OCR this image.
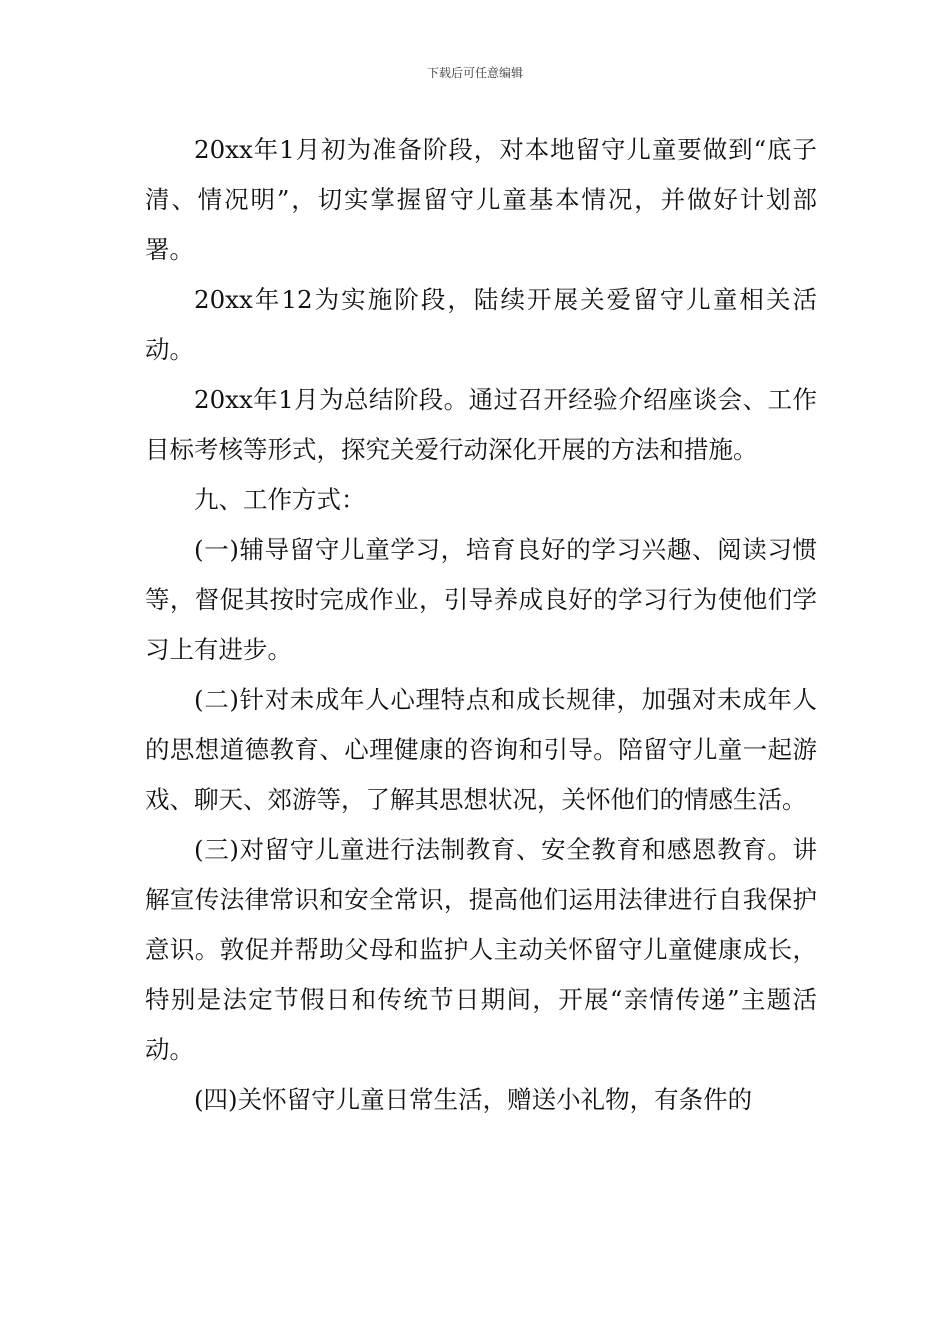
下载后可任意编辑

20xx年1月初为准备阶段，对本地留守儿童要做到“底子清、情况明”，切实掌握留守儿童基本情况，并做好计划部署。

20xx年12为实施阶段，陆续开展关爱留守儿童相关活动。

20xx年1月为总结阶段。通过召开经验介绍座谈会、工作目标考核等形式，探究关爱行动深化开展的方法和措施。

九、工作方式：

(一)辅导留守儿童学习，培育良好的学习兴趣、阅读习惯等，督促其按时完成作业，引导养成良好的学习行为使他们学习上有进步。

(二)针对未成年人心理特点和成长规律，加强对未成年人的思想道德教育、心理健康的咨询和引导。陪留守儿童一起游戏、聊天、郊游等，了解其思想状况，关怀他们的情感生活。

(三)对留守儿童进行法制教育、安全教育和感恩教育。讲解宣传法律常识和安全常识，提高他们运用法律进行自我保护意识。敦促并帮助父母和监护人主动关怀留守儿童健康成长，特别是法定节假日和传统节日期间，开展“亲情传递”主题活动。

(四)关怀留守儿童日常生活，赠送小礼物，有条件的
